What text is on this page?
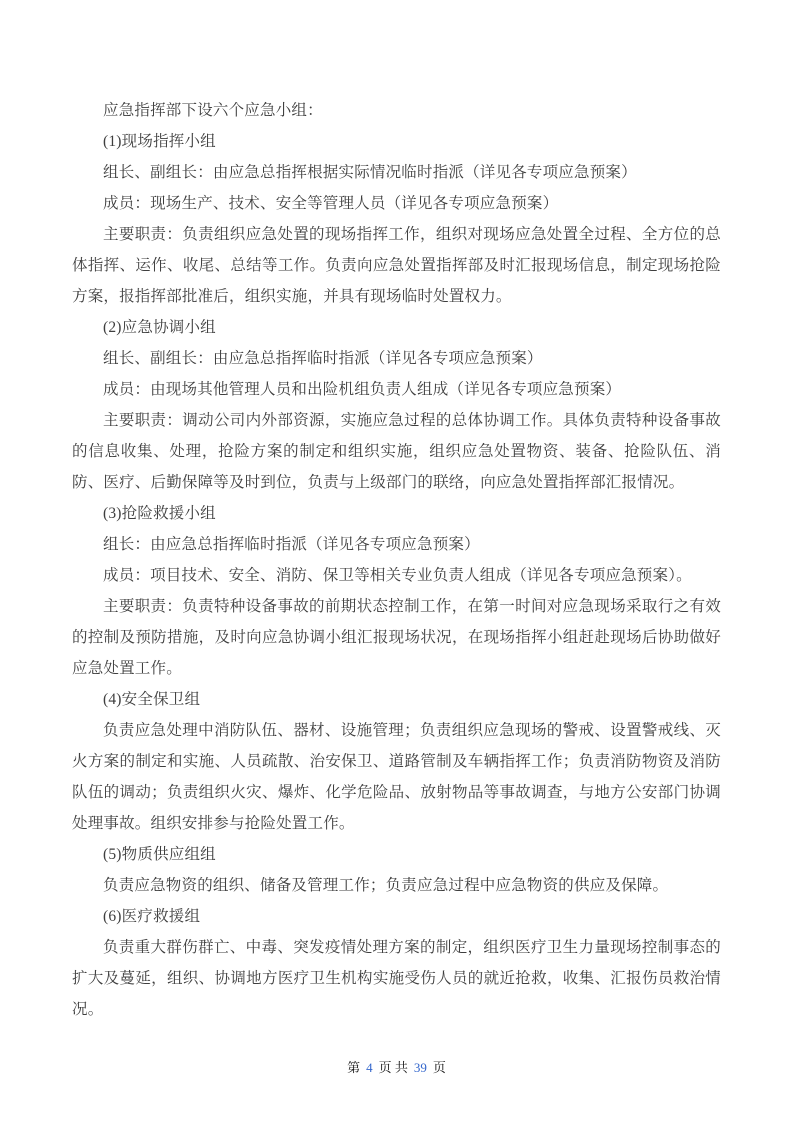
应急指挥部下设六个应急小组：

(1)现场指挥小组

组长、副组长：由应急总指挥根据实际情况临时指派（详见各专项应急预案）

成员：现场生产、技术、安全等管理人员（详见各专项应急预案）

主要职责：负责组织应急处置的现场指挥工作，组织对现场应急处置全过程、全方位的总体指挥、运作、收尾、总结等工作。负责向应急处置指挥部及时汇报现场信息，制定现场抢险方案，报指挥部批准后，组织实施，并具有现场临时处置权力。

(2)应急协调小组

组长、副组长：由应急总指挥临时指派（详见各专项应急预案）

成员：由现场其他管理人员和出险机组负责人组成（详见各专项应急预案）

主要职责：调动公司内外部资源，实施应急过程的总体协调工作。具体负责特种设备事故的信息收集、处理，抢险方案的制定和组织实施，组织应急处置物资、装备、抢险队伍、消防、医疗、后勤保障等及时到位，负责与上级部门的联络，向应急处置指挥部汇报情况。

(3)抢险救援小组

组长：由应急总指挥临时指派（详见各专项应急预案）

成员：项目技术、安全、消防、保卫等相关专业负责人组成（详见各专项应急预案）。

主要职责：负责特种设备事故的前期状态控制工作，在第一时间对应急现场采取行之有效的控制及预防措施，及时向应急协调小组汇报现场状况，在现场指挥小组赶赴现场后协助做好应急处置工作。

(4)安全保卫组

负责应急处理中消防队伍、器材、设施管理；负责组织应急现场的警戒、设置警戒线、灭火方案的制定和实施、人员疏散、治安保卫、道路管制及车辆指挥工作；负责消防物资及消防队伍的调动；负责组织火灾、爆炸、化学危险品、放射物品等事故调查，与地方公安部门协调处理事故。组织安排参与抢险处置工作。

(5)物质供应组组

负责应急物资的组织、储备及管理工作；负责应急过程中应急物资的供应及保障。

(6)医疗救援组

负责重大群伤群亡、中毒、突发疫情处理方案的制定，组织医疗卫生力量现场控制事态的扩大及蔓延，组织、协调地方医疗卫生机构实施受伤人员的就近抢救，收集、汇报伤员救治情况。

第 4 页 共 39 页
